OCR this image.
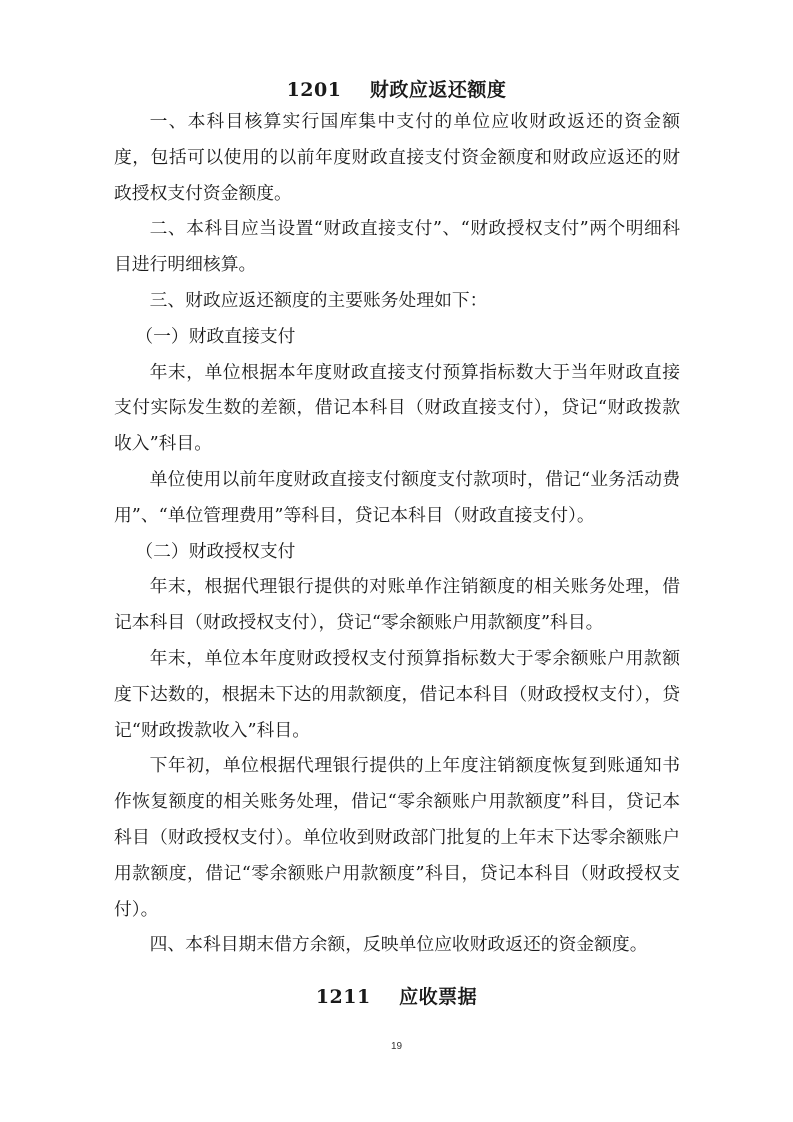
1201    财政应返还额度

一、本科目核算实行国库集中支付的单位应收财政返还的资金额度，包括可以使用的以前年度财政直接支付资金额度和财政应返还的财政授权支付资金额度。

二、本科目应当设置“财政直接支付”、“财政授权支付”两个明细科目进行明细核算。

三、财政应返还额度的主要账务处理如下：

（一）财政直接支付

年末，单位根据本年度财政直接支付预算指标数大于当年财政直接支付实际发生数的差额，借记本科目（财政直接支付），贷记“财政拨款收入”科目。

单位使用以前年度财政直接支付额度支付款项时，借记“业务活动费用”、“单位管理费用”等科目，贷记本科目（财政直接支付）。

（二）财政授权支付

年末，根据代理银行提供的对账单作注销额度的相关账务处理，借记本科目（财政授权支付），贷记“零余额账户用款额度”科目。

年末，单位本年度财政授权支付预算指标数大于零余额账户用款额度下达数的，根据未下达的用款额度，借记本科目（财政授权支付），贷记“财政拨款收入”科目。

下年初，单位根据代理银行提供的上年度注销额度恢复到账通知书作恢复额度的相关账务处理，借记“零余额账户用款额度”科目，贷记本科目（财政授权支付）。单位收到财政部门批复的上年末下达零余额账户用款额度，借记“零余额账户用款额度”科目，贷记本科目（财政授权支付）。

四、本科目期末借方余额，反映单位应收财政返还的资金额度。

1211    应收票据
19
